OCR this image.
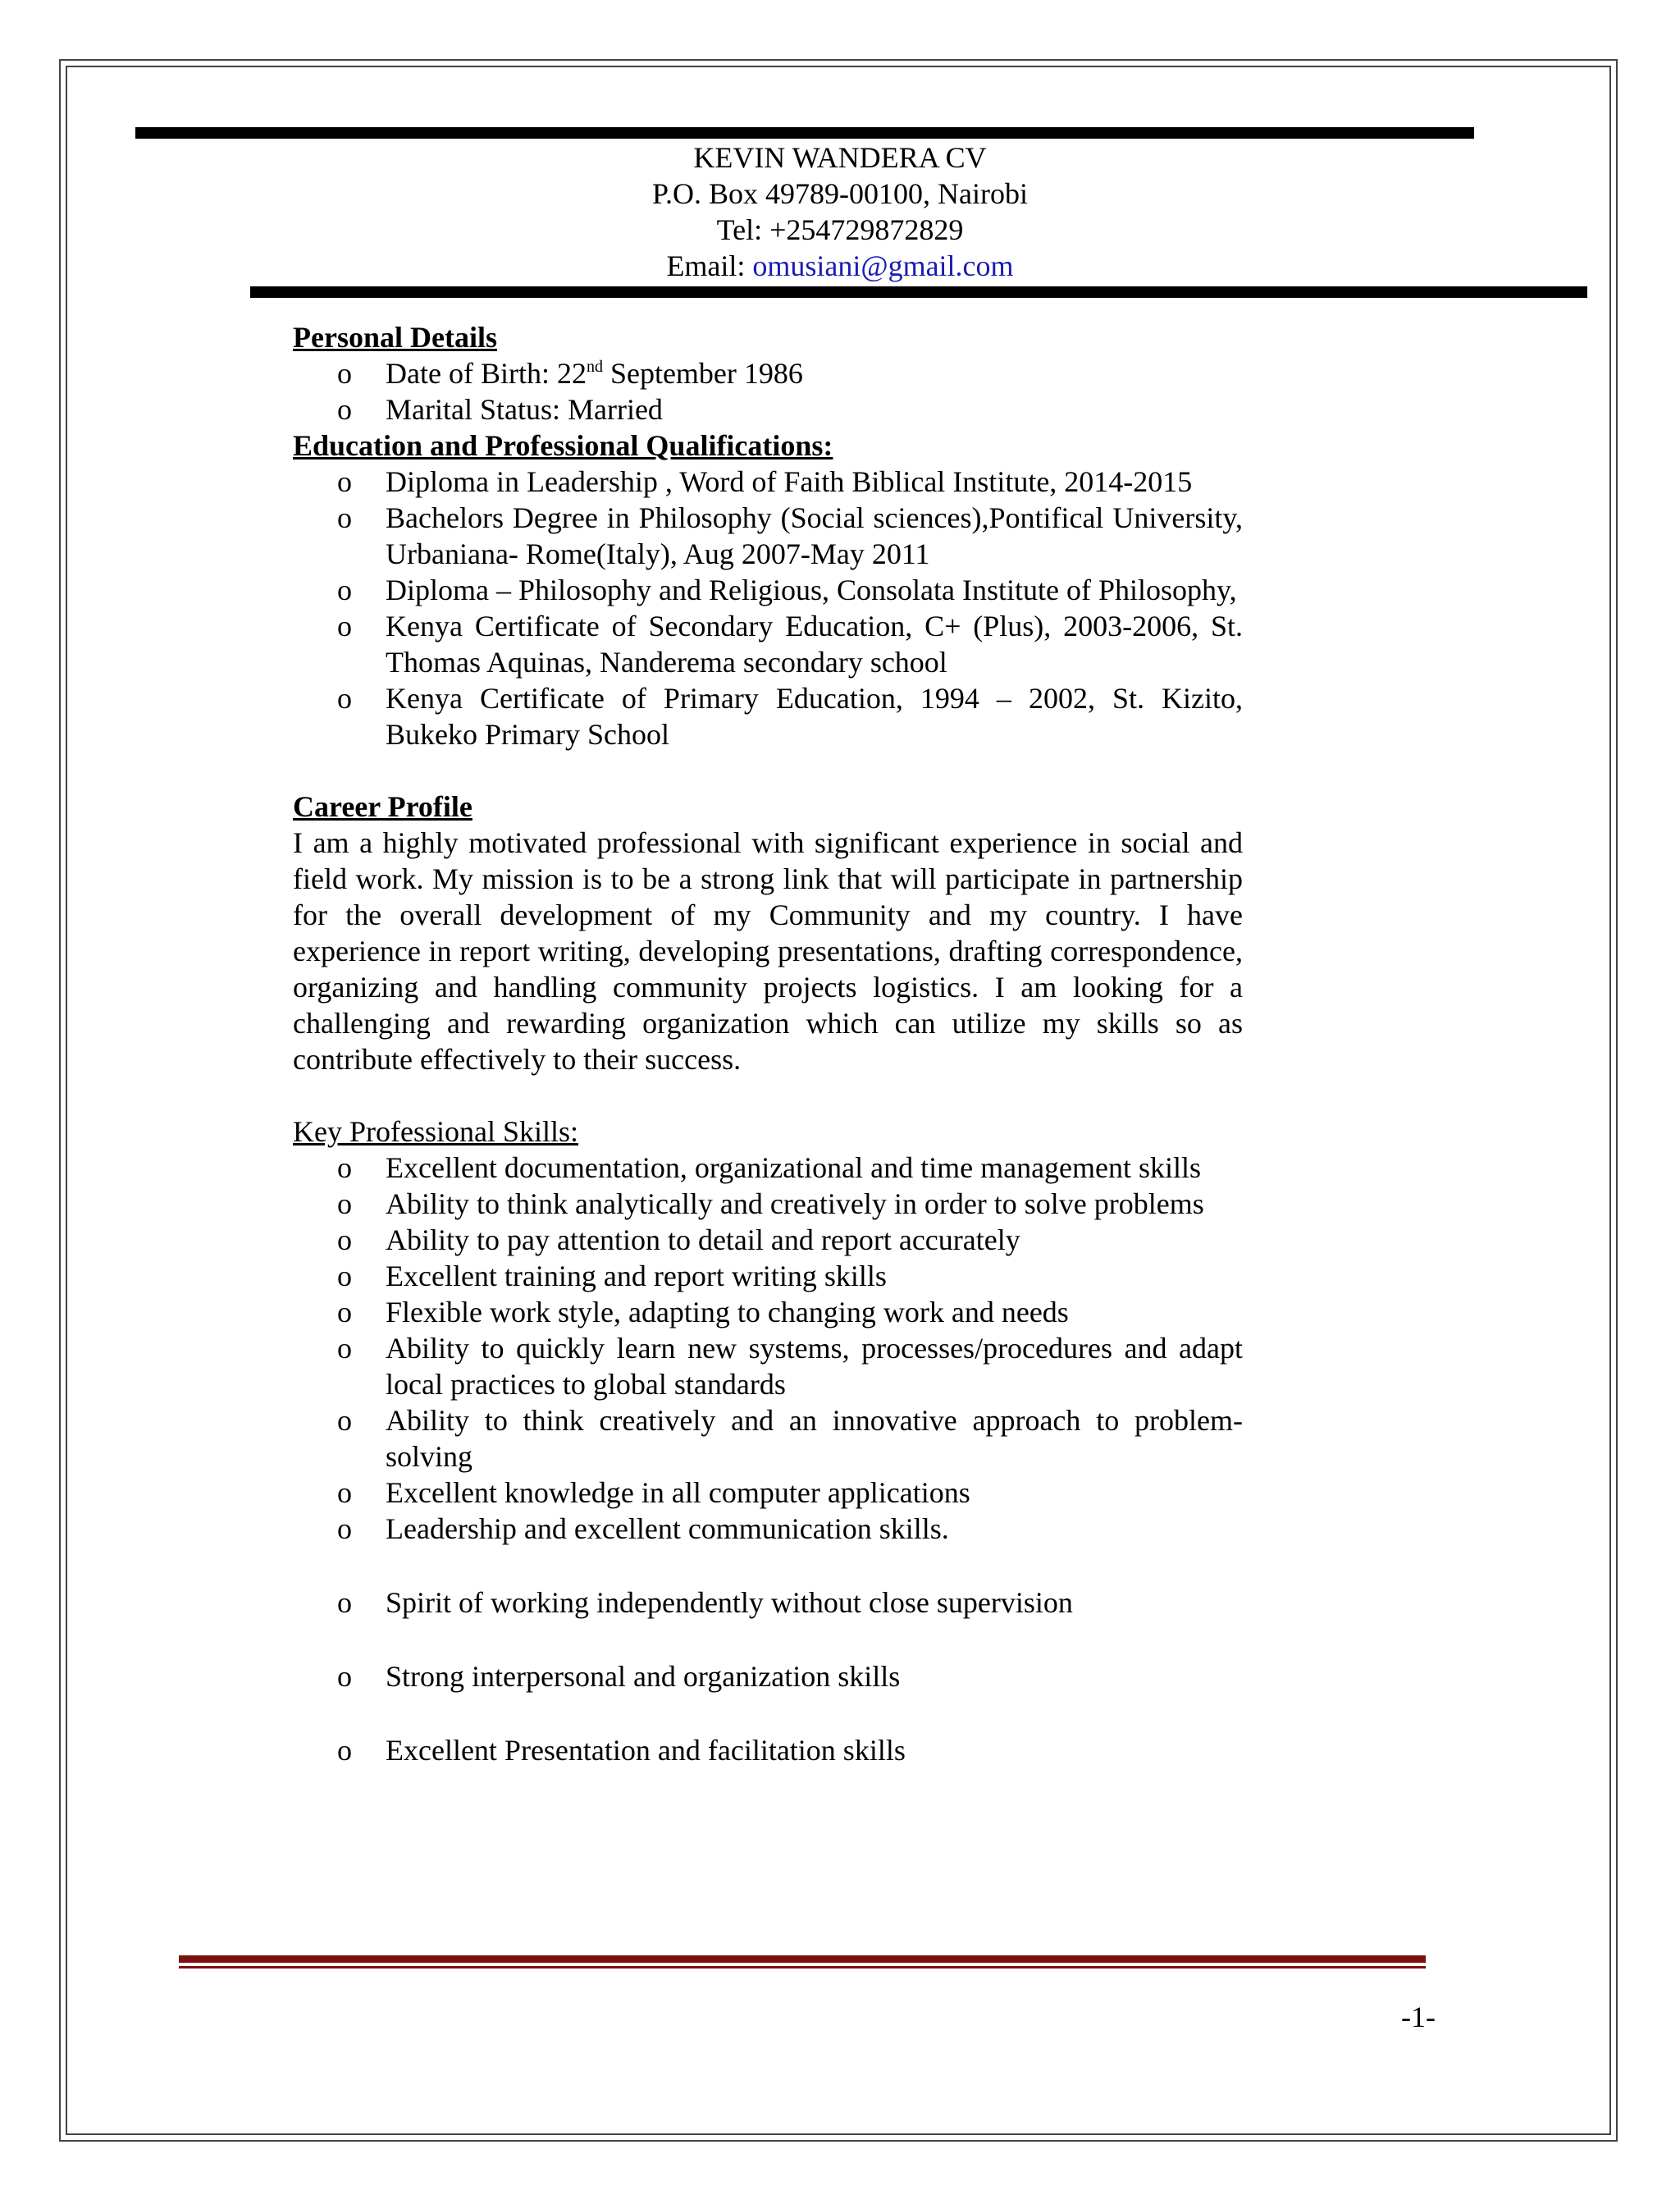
KEVIN WANDERA CV
P.O. Box 49789-00100, Nairobi
Tel: +254729872829
Email: omusiani@gmail.com
Personal Details
o Date of Birth: 22nd September 1986
o Marital Status: Married
Education and Professional Qualifications:
o Diploma in Leadership , Word of Faith Biblical Institute, 2014-2015
o Bachelors Degree in Philosophy (Social sciences),Pontifical University, Urbaniana- Rome(Italy), Aug 2007-May 2011
o Diploma – Philosophy and Religious, Consolata Institute of Philosophy,
o Kenya Certificate of Secondary Education, C+ (Plus), 2003-2006, St. Thomas Aquinas, Nanderema secondary school
o Kenya Certificate of Primary Education, 1994 – 2002, St. Kizito, Bukeko Primary School
Career Profile

I am a highly motivated professional with significant experience in social and field work. My mission is to be a strong link that will participate in partnership for the overall development of my Community and my country. I have experience in report writing, developing presentations, drafting correspondence, organizing and handling community projects logistics. I am looking for a challenging and rewarding organization which can utilize my skills so as contribute effectively to their success.

Key Professional Skills:
o Excellent documentation, organizational and time management skills
o Ability to think analytically and creatively in order to solve problems
o Ability to pay attention to detail and report accurately
o Excellent training and report writing skills
o Flexible work style, adapting to changing work and needs
o Ability to quickly learn new systems, processes/procedures and adapt local practices to global standards
o Ability to think creatively and an innovative approach to problem-solving
o Excellent knowledge in all computer applications
o Leadership and excellent communication skills.
o Spirit of working independently without close supervision
o Strong interpersonal and organization skills
o Excellent Presentation and facilitation skills
-1-
